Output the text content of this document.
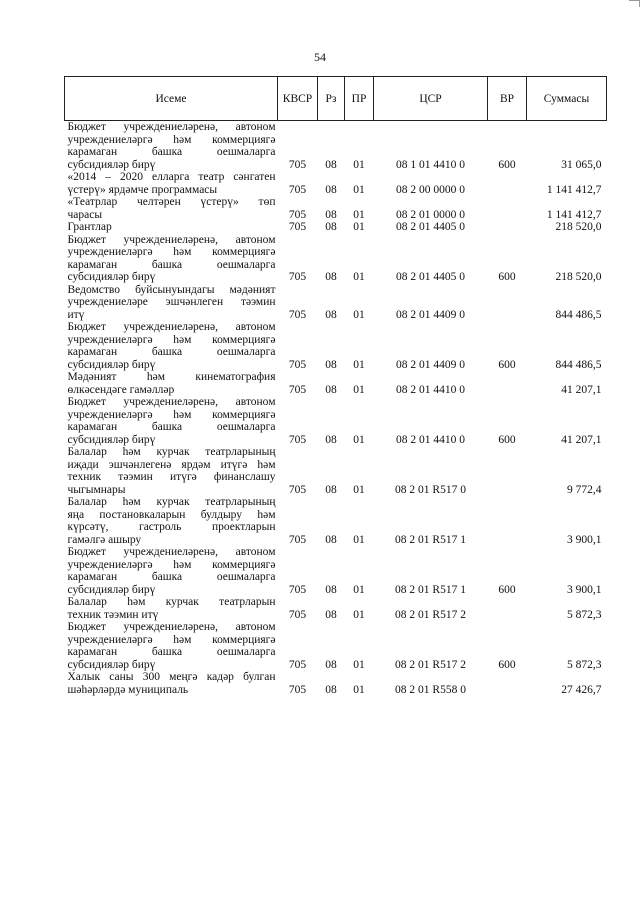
54
Исеме	КВСР	Рз	ПР	ЦСР	ВР	Суммасы

Бюджет учреждениеләренә, автоном
учреждениеләргә һәм коммерциягә
карамаган башка оешмаларга
субсидияләр бирү	705	08	01	08 1 01 4410 0	600	31 065,0

«2014 – 2020 елларга театр сәнгатен
үстерү» ярдәмче программасы	705	08	01	08 2 00 0000 0		1 141 412,7

«Театрлар челтәрен үстерү» төп
чарасы	705	08	01	08 2 01 0000 0		1 141 412,7

Грантлар	705	08	01	08 2 01 4405 0		218 520,0

Бюджет учреждениеләренә, автоном
учреждениеләргә һәм коммерциягә
карамаган башка оешмаларга
субсидияләр бирү	705	08	01	08 2 01 4405 0	600	218 520,0

Ведомство буйсынуындагы мәдәният
учреждениеләре эшчәнлеген тәэмин
итү	705	08	01	08 2 01 4409 0		844 486,5

Бюджет учреждениеләренә, автоном
учреждениеләргә һәм коммерциягә
карамаган башка оешмаларга
субсидияләр бирү	705	08	01	08 2 01 4409 0	600	844 486,5

Мәдәният һәм кинематография
өлкәсендәге гамәлләр	705	08	01	08 2 01 4410 0		41 207,1

Бюджет учреждениеләренә, автоном
учреждениеләргә һәм коммерциягә
карамаган башка оешмаларга
субсидияләр бирү	705	08	01	08 2 01 4410 0	600	41 207,1

Балалар һәм курчак театрларының
иҗади эшчәнлегенә ярдәм итүгә һәм
техник тәэмин итүгә финанслашу
чыгымнары	705	08	01	08 2 01 R517 0		9 772,4

Балалар һәм курчак театрларының
яңа постановкаларын булдыру һәм
күрсәтү, гастроль проектларын
гамәлгә ашыру	705	08	01	08 2 01 R517 1		3 900,1

Бюджет учреждениеләренә, автоном
учреждениеләргә һәм коммерциягә
карамаган башка оешмаларга
субсидияләр бирү	705	08	01	08 2 01 R517 1	600	3 900,1

Балалар һәм курчак театрларын
техник тәэмин итү	705	08	01	08 2 01 R517 2		5 872,3

Бюджет учреждениеләренә, автоном
учреждениеләргә һәм коммерциягә
карамаган башка оешмаларга
субсидияләр бирү	705	08	01	08 2 01 R517 2	600	5 872,3

Халык саны 300 меңгә кадәр булган
шәһәрләрдә муниципаль	705	08	01	08 2 01 R558 0		27 426,7
